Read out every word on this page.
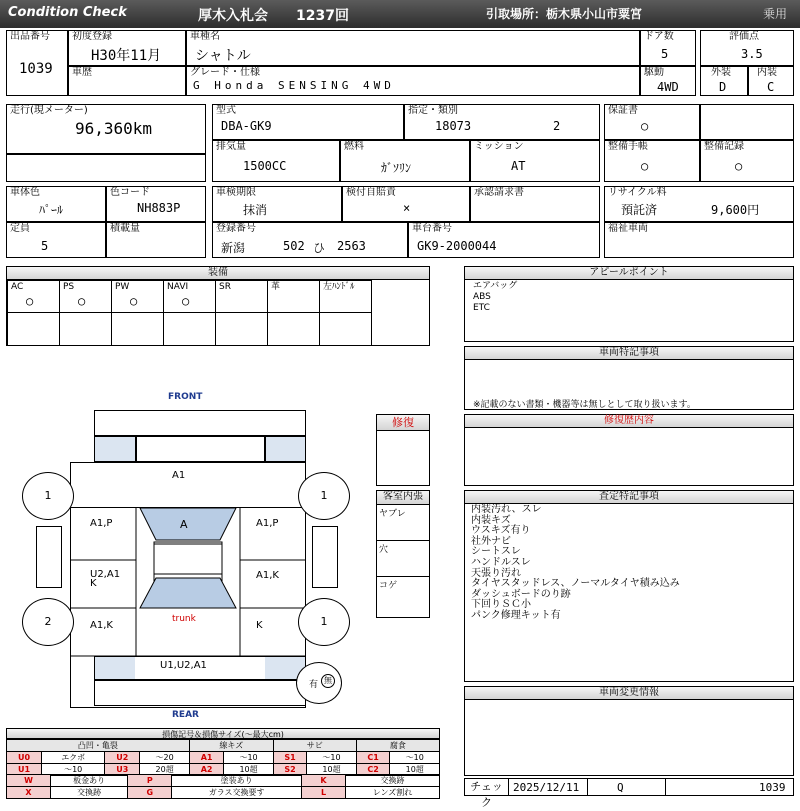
Condition Check	厚木入札会 1237回	引取場所：栃木県小山市粟宮	乗用
出品番号
1039
初度登録
H30年11月
車種名
シャトル
ドア数
5
評価点
3.5
車歴	グレード・仕様
G Honda SENSING 4WD
駆動
4WD
外装
D
内装
C
走行(現メーター)
96,360km
型式
DBA-GK9
指定・類別
18073	2
排気量
1500CC
燃料
ｶﾞｿﾘﾝ
ミッション
AT
保証書
○
整備手帳
○
整備記録
○
車体色
ﾊﾟｰﾙ
色コード
NH883P
車検期限
抹消
検付自賠責
×
承認請求書	リサイクル料
預託済	9,600円
定員
5
積載量	登録番号
新潟	502 ひ 2563
車台番号
GK9-2000044
福祉車両
装備
AC
○
PS
○
PW
○
NAVI
○
SR	革	左ﾊﾝﾄﾞﾙ
アピールポイント
エアバッグ
ABS
ETC
車両特記事項
※記載のない書類・機器等は無しとして取り扱います。
修復歴内容
査定特記事項
内装汚れ、スレ
内装キズ
ウスキズ有り
社外ナビ
シートスレ
ハンドルスレ
天張り汚れ
タイヤスタッドレス、ノーマルタイヤ積み込み
ダッシュボードのり跡
下回りＳＣ小
パンク修理キット有
車両変更情報
チェック
2025/12/11	Q	1039
FRONT
REAR
A1
A
A1,P	A1,P
U2,A1
K
A1,K
A1,K	K
trunk
U1,U2,A1
1	1
2	1
有 無
修復
客室内張
ヤブレ
穴
コゲ
損傷記号＆損傷サイズ(〜最大cm)
凸凹・亀裂				線キズ		サビ		腐食	
U0	エクボ	U2	〜20	A1	〜10	S1	〜10	C1	〜10
U1	〜10	U3	20超	A2	10超	S2	10超	C2	10超
W	板金あり	P	塗装あり	K	交換跡
X	交換跡	G	ガラス交換要す	L	レンズ割れ
